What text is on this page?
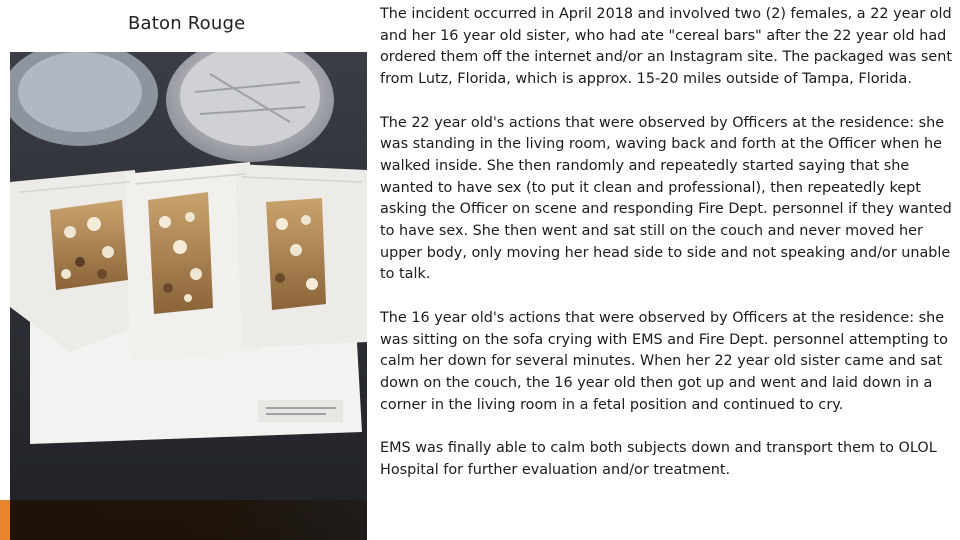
Baton Rouge	The incident occurred in April 2018 and involved two (2) females, a 22 year old and her 16 year old sister, who had ate "cereal bars" after the 22 year old had ordered them off the internet and/or an Instagram site. The packaged was sent from Lutz, Florida, which is approx. 15-20 miles outside of Tampa, Florida.

The 22 year old's actions that were observed by Officers at the residence: she was standing in the living room, waving back and forth at the Officer when he walked inside. She then randomly and repeatedly started saying that she wanted to have sex (to put it clean and professional), then repeatedly kept asking the Officer on scene and responding Fire Dept. personnel if they wanted to have sex. She then went and sat still on the couch and never moved her upper body, only moving her head side to side and not speaking and/or unable to talk.

The 16 year old's actions that were observed by Officers at the residence: she was sitting on the sofa crying with EMS and Fire Dept. personnel attempting to calm her down for several minutes. When her 22 year old sister came and sat down on the couch, the 16 year old then got up and went and laid down in a corner in the living room in a fetal position and continued to cry.

EMS was finally able to calm both subjects down and transport them to OLOL Hospital for further evaluation and/or treatment.
